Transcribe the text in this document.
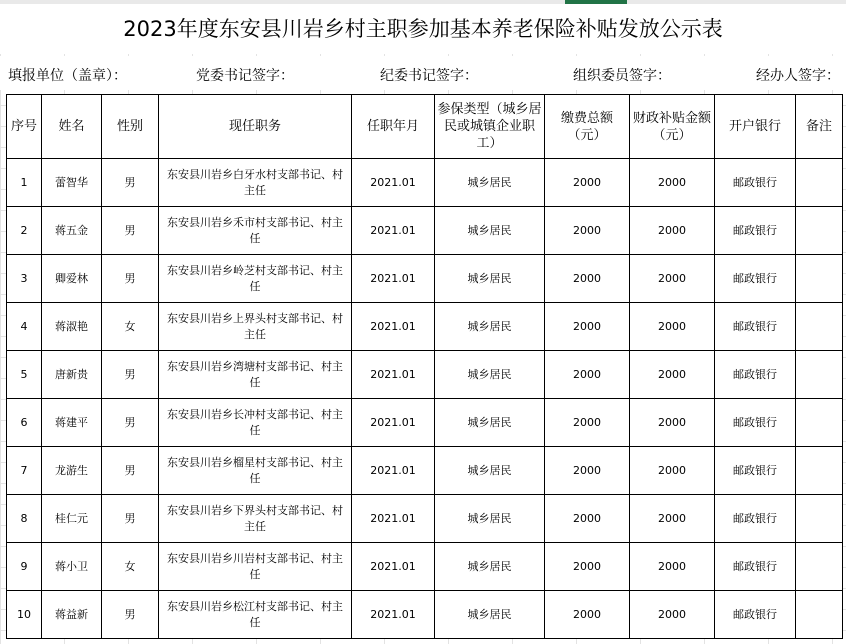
2023年度东安县川岩乡村主职参加基本养老保险补贴发放公示表
填报单位（盖章）：	党委书记签字：	纪委书记签字：	组织委员签字：	经办人签字：
序号	姓名	性别	现任职务	任职年月	参保类型（城乡居民或城镇企业职工）	缴费总额（元）	财政补贴金额（元）	开户银行	备注
1	蕾智华	男	东安县川岩乡白牙水村支部书记、村主任	2021.01	城乡居民	2000	2000	邮政银行	
2	蒋五金	男	东安县川岩乡禾市村支部书记、村主任	2021.01	城乡居民	2000	2000	邮政银行	
3	卿爱林	男	东安县川岩乡岭芝村支部书记、村主任	2021.01	城乡居民	2000	2000	邮政银行	
4	蒋淑艳	女	东安县川岩乡上界头村支部书记、村主任	2021.01	城乡居民	2000	2000	邮政银行	
5	唐新贵	男	东安县川岩乡湾塘村支部书记、村主任	2021.01	城乡居民	2000	2000	邮政银行	
6	蒋建平	男	东安县川岩乡长冲村支部书记、村主任	2021.01	城乡居民	2000	2000	邮政银行	
7	龙游生	男	东安县川岩乡榴星村支部书记、村主任	2021.01	城乡居民	2000	2000	邮政银行	
8	桂仁元	男	东安县川岩乡下界头村支部书记、村主任	2021.01	城乡居民	2000	2000	邮政银行	
9	蒋小卫	女	东安县川岩乡川岩村支部书记、村主任	2021.01	城乡居民	2000	2000	邮政银行	
10	蒋益新	男	东安县川岩乡松江村支部书记、村主任	2021.01	城乡居民	2000	2000	邮政银行	
